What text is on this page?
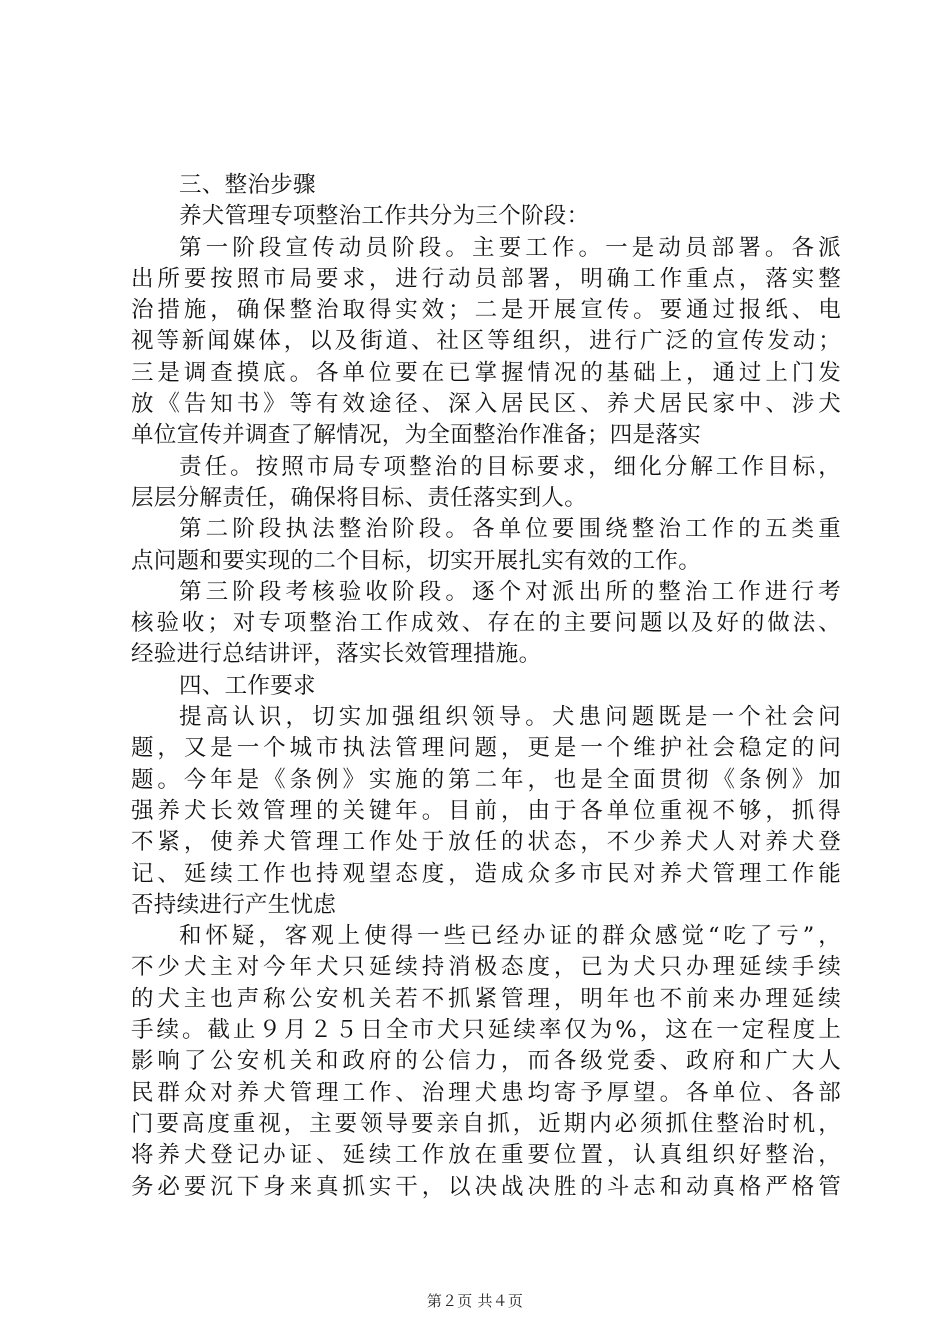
三、整治步骤
养犬管理专项整治工作共分为三个阶段：
第一阶段宣传动员阶段。主要工作。一是动员部署。各派
出所要按照市局要求，进行动员部署，明确工作重点，落实整
治措施，确保整治取得实效；二是开展宣传。要通过报纸、电
视等新闻媒体，以及街道、社区等组织，进行广泛的宣传发动；
三是调查摸底。各单位要在已掌握情况的基础上，通过上门发
放《告知书》等有效途径、深入居民区、养犬居民家中、涉犬
单位宣传并调查了解情况，为全面整治作准备；四是落实
责任。按照市局专项整治的目标要求，细化分解工作目标，
层层分解责任，确保将目标、责任落实到人。
第二阶段执法整治阶段。各单位要围绕整治工作的五类重
点问题和要实现的二个目标，切实开展扎实有效的工作。
第三阶段考核验收阶段。逐个对派出所的整治工作进行考
核验收；对专项整治工作成效、存在的主要问题以及好的做法、
经验进行总结讲评，落实长效管理措施。
四、工作要求
提高认识，切实加强组织领导。犬患问题既是一个社会问
题，又是一个城市执法管理问题，更是一个维护社会稳定的问
题。今年是《条例》实施的第二年，也是全面贯彻《条例》加
强养犬长效管理的关键年。目前，由于各单位重视不够，抓得
不紧，使养犬管理工作处于放任的状态，不少养犬人对养犬登
记、延续工作也持观望态度，造成众多市民对养犬管理工作能
否持续进行产生忧虑
和怀疑，客观上使得一些已经办证的群众感觉“吃了亏”，
不少犬主对今年犬只延续持消极态度，已为犬只办理延续手续
的犬主也声称公安机关若不抓紧管理，明年也不前来办理延续
手续。截止９月２５日全市犬只延续率仅为%，这在一定程度上
影响了公安机关和政府的公信力，而各级党委、政府和广大人
民群众对养犬管理工作、治理犬患均寄予厚望。各单位、各部
门要高度重视，主要领导要亲自抓，近期内必须抓住整治时机，
将养犬登记办证、延续工作放在重要位置，认真组织好整治，
务必要沉下身来真抓实干，以决战决胜的斗志和动真格严格管
第２页 共４页
